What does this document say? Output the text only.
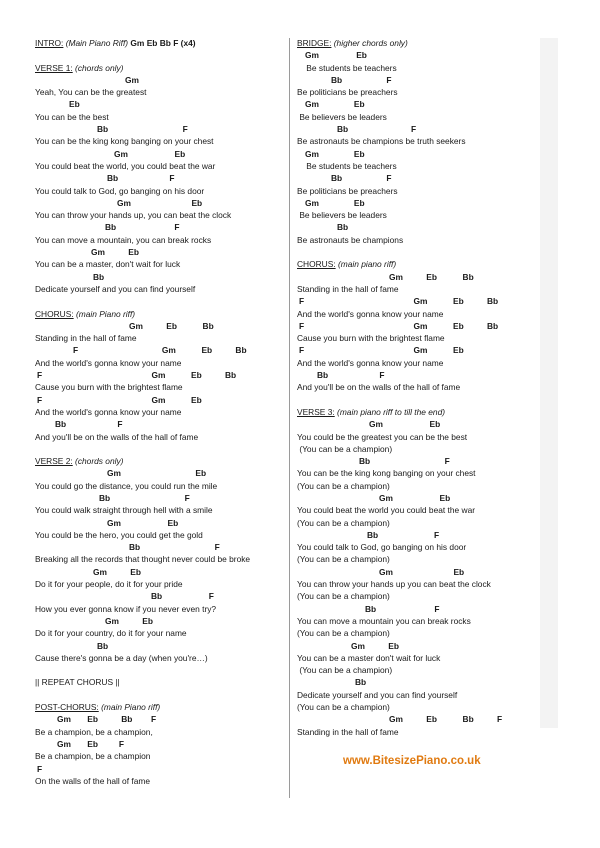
INTRO: (Main Piano Riff) Gm Eb Bb F (x4)
VERSE 1: (chords only)
Gm
Yeah, You can be the greatest
Eb
You can be the best
Bb                                F
You can be the king kong banging on your chest
Gm                    Eb
You could beat the world, you could beat the war
Bb                      F
You could talk to God, go banging on his door
Gm                          Eb
You can throw your hands up, you can beat the clock
Bb                         F
You can move a mountain, you can break rocks
Gm          Eb
You can be a master, don't wait for luck
Bb
Dedicate yourself and you can find yourself
CHORUS: (main Piano riff)
Gm          Eb           Bb
Standing in the hall of fame
F                                    Gm           Eb          Bb
And the world's gonna know your name
F                                               Gm           Eb          Bb
Cause you burn with the brightest flame
F                                               Gm           Eb
And the world's gonna know your name
Bb                      F
And you'll be on the walls of the hall of fame
VERSE 2: (chords only)
Gm                                Eb
You could go the distance, you could run the mile
Bb                                F
You could walk straight through hell with a smile
Gm                    Eb
You could be the hero, you could get the gold
Bb                                F
Breaking all the records that thought never could be broke
Gm          Eb
Do it for your people, do it for your pride
Bb                    F
How you ever gonna know if you never even try?
Gm          Eb
Do it for your country, do it for your name
Bb
Cause there's gonna be a day (when you're…)
|| REPEAT CHORUS ||
POST-CHORUS: (main Piano riff)
Gm       Eb          Bb        F
Be a champion, be a champion,
Gm       Eb         F
Be a champion, be a champion
F
On the walls of the hall of fame
BRIDGE: (higher chords only)
Gm                Eb
Be students be teachers
Bb                   F
Be politicians be preachers
Gm               Eb
Be believers be leaders
Bb                           F
Be astronauts be champions be truth seekers
Gm               Eb
Be students be teachers
Bb                   F
Be politicians be preachers
Gm               Eb
Be believers be leaders
Bb
Be astronauts be champions
CHORUS: (main piano riff)
Gm          Eb           Bb
Standing in the hall of fame
F                                               Gm           Eb          Bb
And the world's gonna know your name
F                                               Gm           Eb          Bb
Cause you burn with the brightest flame
F                                               Gm           Eb
And the world's gonna know your name
Bb                      F
And you'll be on the walls of the hall of fame
VERSE 3: (main piano riff to till the end)
Gm                    Eb
You could be the greatest you can be the best
(You can be a champion)
Bb                                F
You can be the king kong banging on your chest
(You can be a champion)
Gm                    Eb
You could beat the world you could beat the war
(You can be a champion)
Bb                        F
You could talk to God, go banging on his door
(You can be a champion)
Gm                          Eb
You can throw your hands up you can beat the clock
(You can be a champion)
Bb                         F
You can move a mountain you can break rocks
(You can be a champion)
Gm          Eb
You can be a master don't wait for luck
(You can be a champion)
Bb
Dedicate yourself and you can find yourself
(You can be a champion)
Gm          Eb           Bb          F
Standing in the hall of fame
www.BitesizePiano.co.uk
